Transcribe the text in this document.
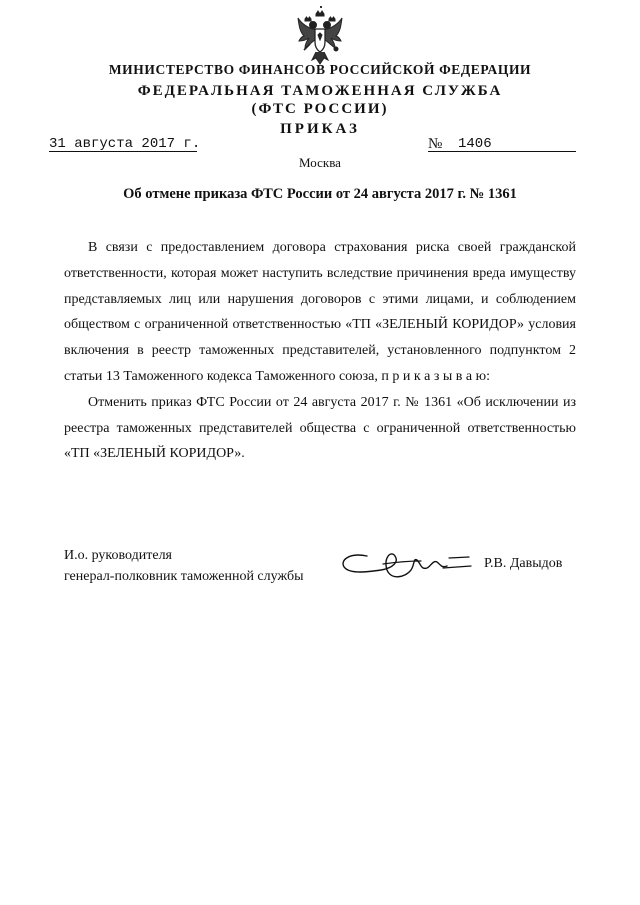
МИНИСТЕРСТВО ФИНАНСОВ РОССИЙСКОЙ ФЕДЕРАЦИИ
ФЕДЕРАЛЬНАЯ ТАМОЖЕННАЯ СЛУЖБА
(ФТС РОССИИ)
ПРИКАЗ
31 августа 2017 г.	№ 1406
Москва
Об отмене приказа ФТС России от 24 августа 2017 г. № 1361

В связи с предоставлением договора страхования риска своей гражданской ответственности, которая может наступить вследствие причинения вреда имуществу представляемых лиц или нарушения договоров с этими лицами, и соблюдением обществом с ограниченной ответственностью «ТП «ЗЕЛЕНЫЙ КОРИДОР» условия включения в реестр таможенных представителей, установленного подпунктом 2 статьи 13 Таможенного кодекса Таможенного союза, п р и к а з ы в а ю:

Отменить приказ ФТС России от 24 августа 2017 г. № 1361 «Об исключении из реестра таможенных представителей общества с ограниченной ответственностью «ТП «ЗЕЛЕНЫЙ КОРИДОР».

И.о. руководителя
генерал-полковник таможенной службы
Р.В. Давыдов
